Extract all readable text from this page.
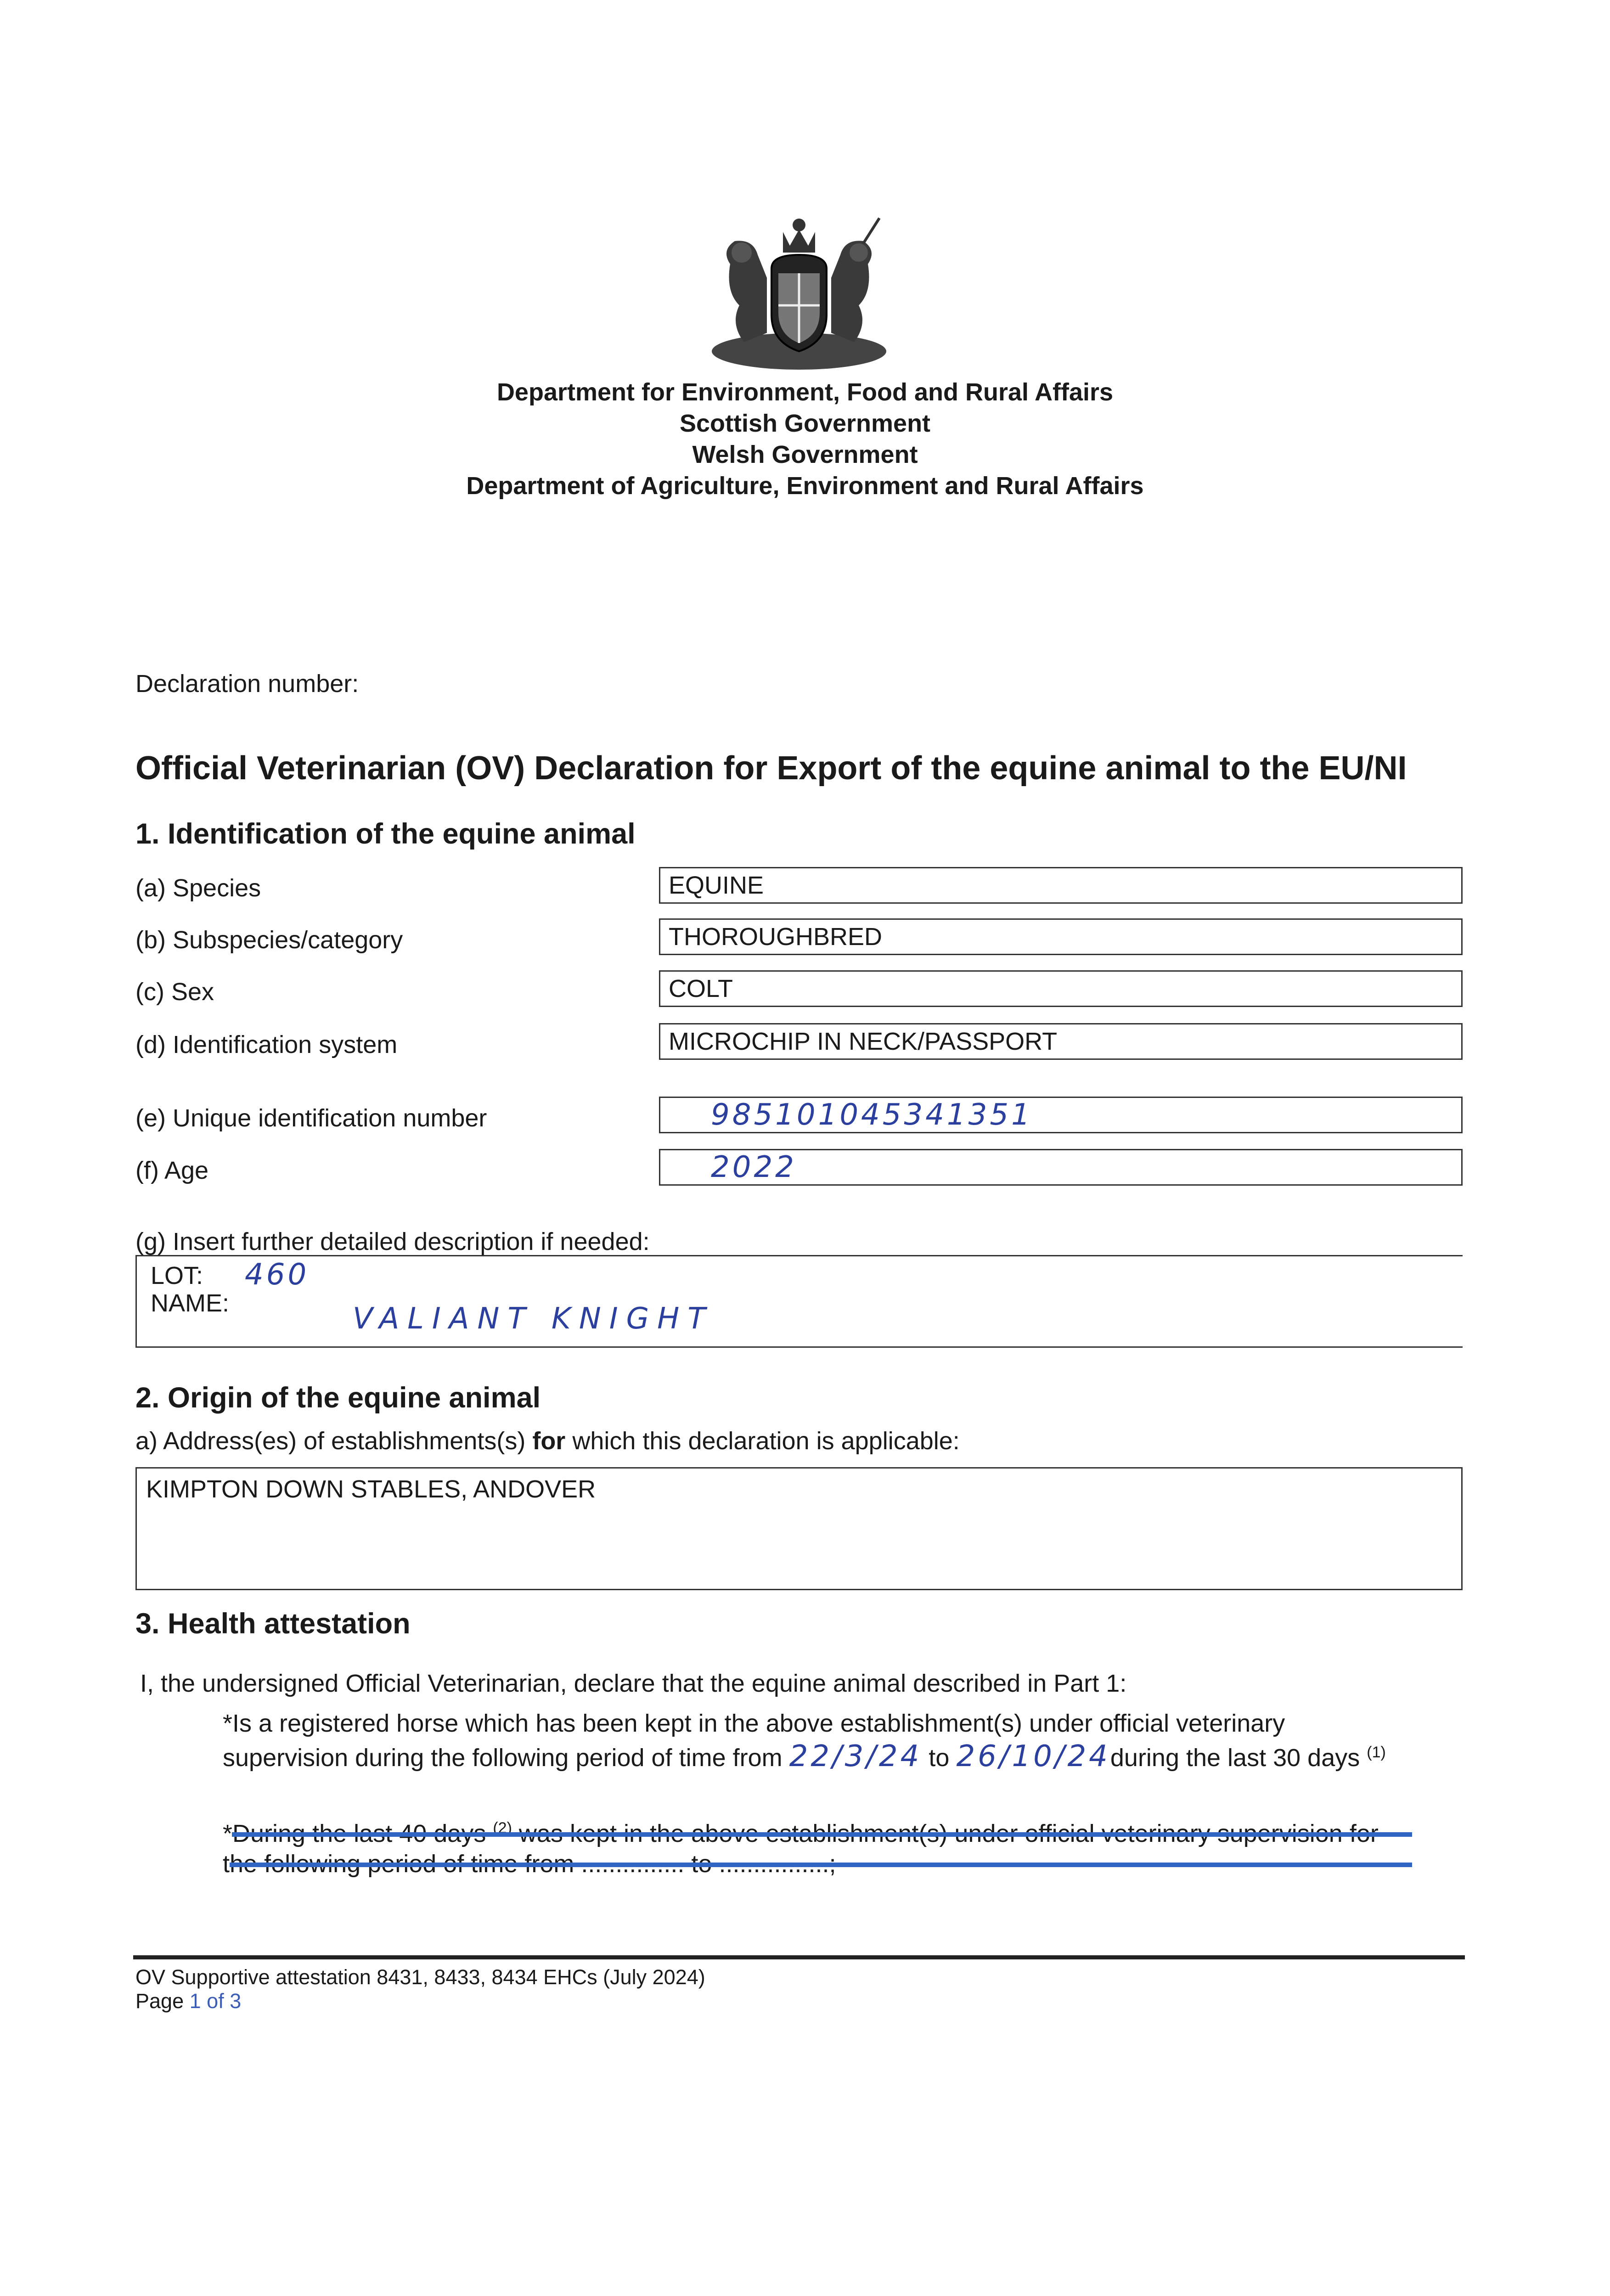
Department for Environment, Food and Rural Affairs
Scottish Government
Welsh Government
Department of Agriculture, Environment and Rural Affairs
Declaration number:
Official Veterinarian (OV) Declaration for Export of the equine animal to the EU/NI
1. Identification of the equine animal
(a) Species	EQUINE
(b) Subspecies/category	THOROUGHBRED
(c) Sex	COLT
(d) Identification system	MICROCHIP IN NECK/PASSPORT
(e) Unique identification number	985101045341351
(f) Age	2022
(g) Insert further detailed description if needed:
LOT: 460
NAME:	VALIANT KNIGHT
2. Origin of the equine animal
a) Address(es) of establishments(s) for which this declaration is applicable:
KIMPTON DOWN STABLES, ANDOVER
3. Health attestation
I, the undersigned Official Veterinarian, declare that the equine animal described in Part 1:
*Is a registered horse which has been kept in the above establishment(s) under official veterinary
supervision during the following period of time from 22/3/24 to 26/10/24during the last 30 days $^{(1)}$
*During the last 40 days $^{(2)}$ was kept in the above establishment(s) under official veterinary supervision for
the following period of time from ............... to ................;
OV Supportive attestation 8431, 8433, 8434 EHCs (July 2024)
Page 1 of 3
